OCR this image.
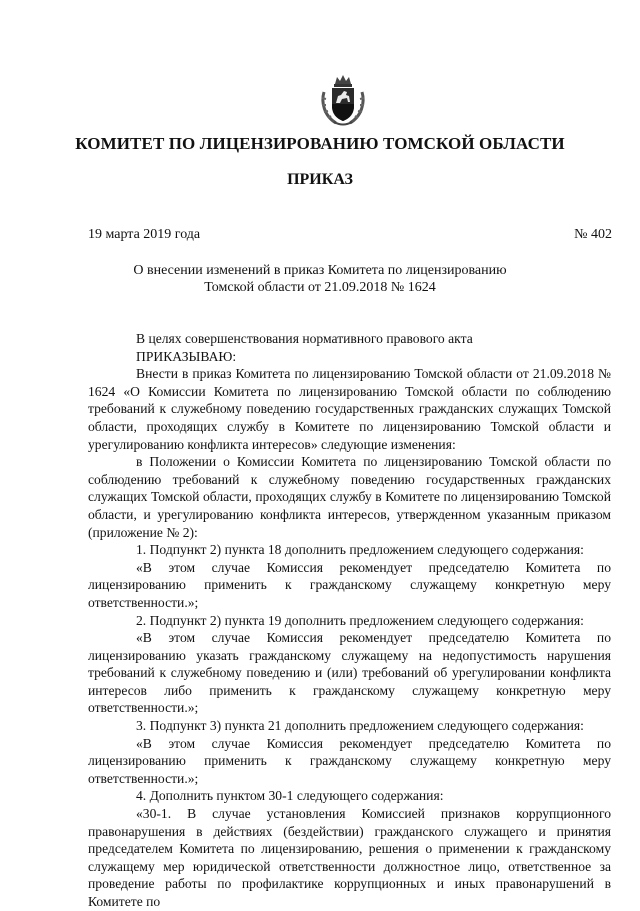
КОМИТЕТ ПО ЛИЦЕНЗИРОВАНИЮ ТОМСКОЙ ОБЛАСТИ
ПРИКАЗ
19 марта 2019 года	№ 402
О внесении изменений в приказ Комитета по лицензированию
Томской области от 21.09.2018 № 1624

В целях совершенствования нормативного правового акта

ПРИКАЗЫВАЮ:

Внести в приказ Комитета по лицензированию Томской области от 21.09.2018 № 1624 «О Комиссии Комитета по лицензированию Томской области по соблюдению требований к служебному поведению государственных гражданских служащих Томской области, проходящих службу в Комитете по лицензированию Томской области и урегулированию конфликта интересов» следующие изменения:

в Положении о Комиссии Комитета по лицензированию Томской области по соблюдению требований к служебному поведению государственных гражданских служащих Томской области, проходящих службу в Комитете по лицензированию Томской области, и урегулированию конфликта интересов, утвержденном указанным приказом (приложение № 2):

1. Подпункт 2) пункта 18 дополнить предложением следующего содержания:

«В этом случае Комиссия рекомендует председателю Комитета по лицензированию применить к гражданскому служащему конкретную меру ответственности.»;

2. Подпункт 2) пункта 19 дополнить предложением следующего содержания:

«В этом случае Комиссия рекомендует председателю Комитета по лицензированию указать гражданскому служащему на недопустимость нарушения требований к служебному поведению и (или) требований об урегулировании конфликта интересов либо применить к гражданскому служащему конкретную меру ответственности.»;

3. Подпункт 3) пункта 21 дополнить предложением следующего содержания:

«В этом случае Комиссия рекомендует председателю Комитета по лицензированию применить к гражданскому служащему конкретную меру ответственности.»;

4. Дополнить пунктом 30-1 следующего содержания:

«30-1. В случае установления Комиссией признаков коррупционного правонарушения в действиях (бездействии) гражданского служащего и принятия председателем Комитета по лицензированию, решения о применении к гражданскому служащему мер юридической ответственности должностное лицо, ответственное за проведение работы по профилактике коррупционных и иных правонарушений в Комитете по
